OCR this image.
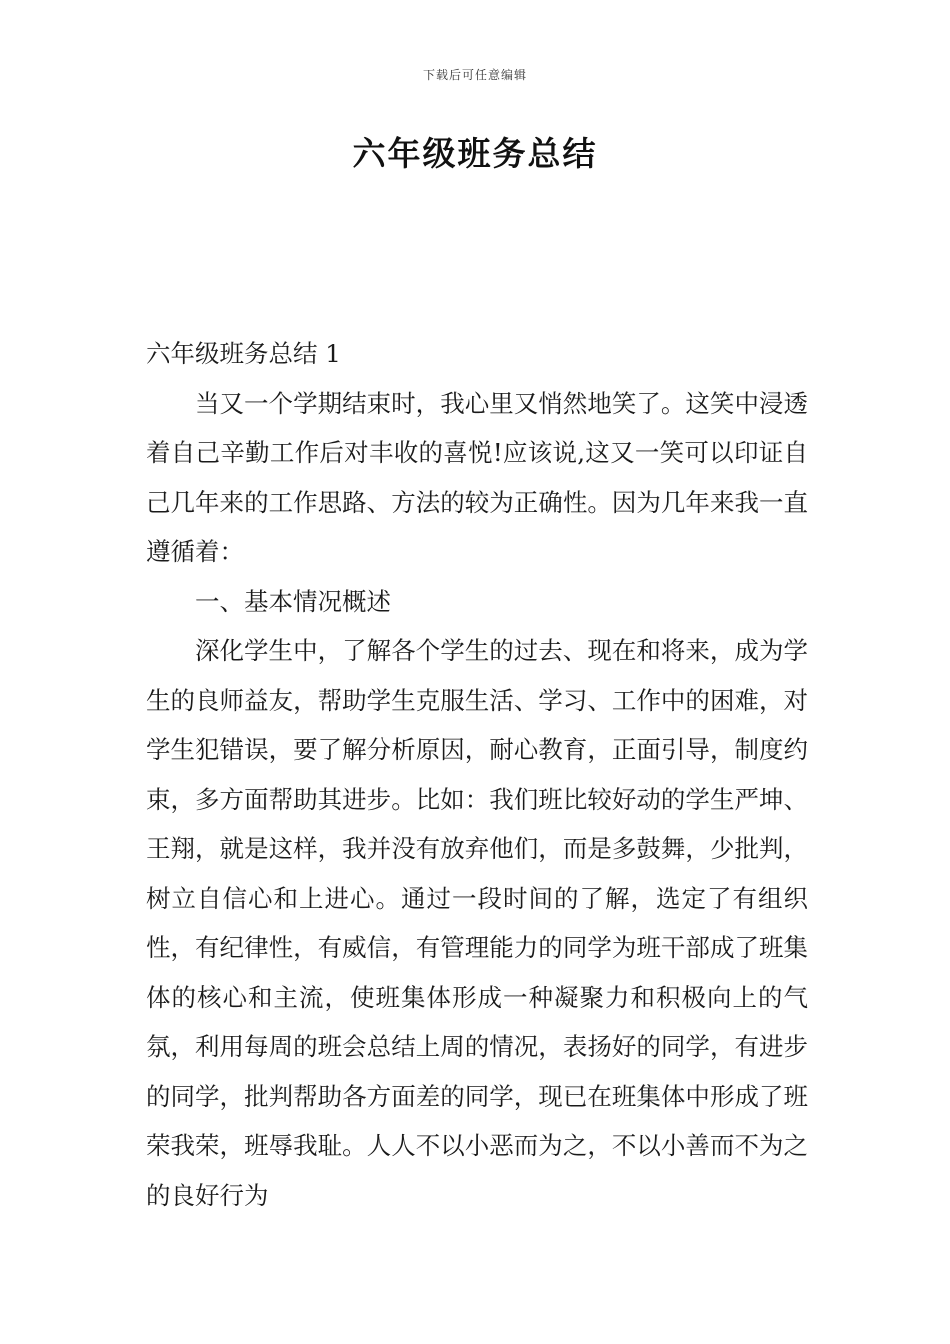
下载后可任意编辑
六年级班务总结

六年级班务总结 1

当又一个学期结束时，我心里又悄然地笑了。这笑中浸透着自己辛勤工作后对丰收的喜悦!应该说,这又一笑可以印证自己几年来的工作思路、方法的较为正确性。因为几年来我一直遵循着：

一、基本情况概述

深化学生中，了解各个学生的过去、现在和将来，成为学生的良师益友，帮助学生克服生活、学习、工作中的困难，对学生犯错误，要了解分析原因，耐心教育，正面引导，制度约束，多方面帮助其进步。比如：我们班比较好动的学生严坤、王翔，就是这样，我并没有放弃他们，而是多鼓舞，少批判，树立自信心和上进心。通过一段时间的了解，选定了有组织性，有纪律性，有威信，有管理能力的同学为班干部成了班集体的核心和主流，使班集体形成一种凝聚力和积极向上的气氛，利用每周的班会总结上周的情况，表扬好的同学，有进步的同学，批判帮助各方面差的同学，现已在班集体中形成了班荣我荣，班辱我耻。人人不以小恶而为之，不以小善而不为之的良好行为
